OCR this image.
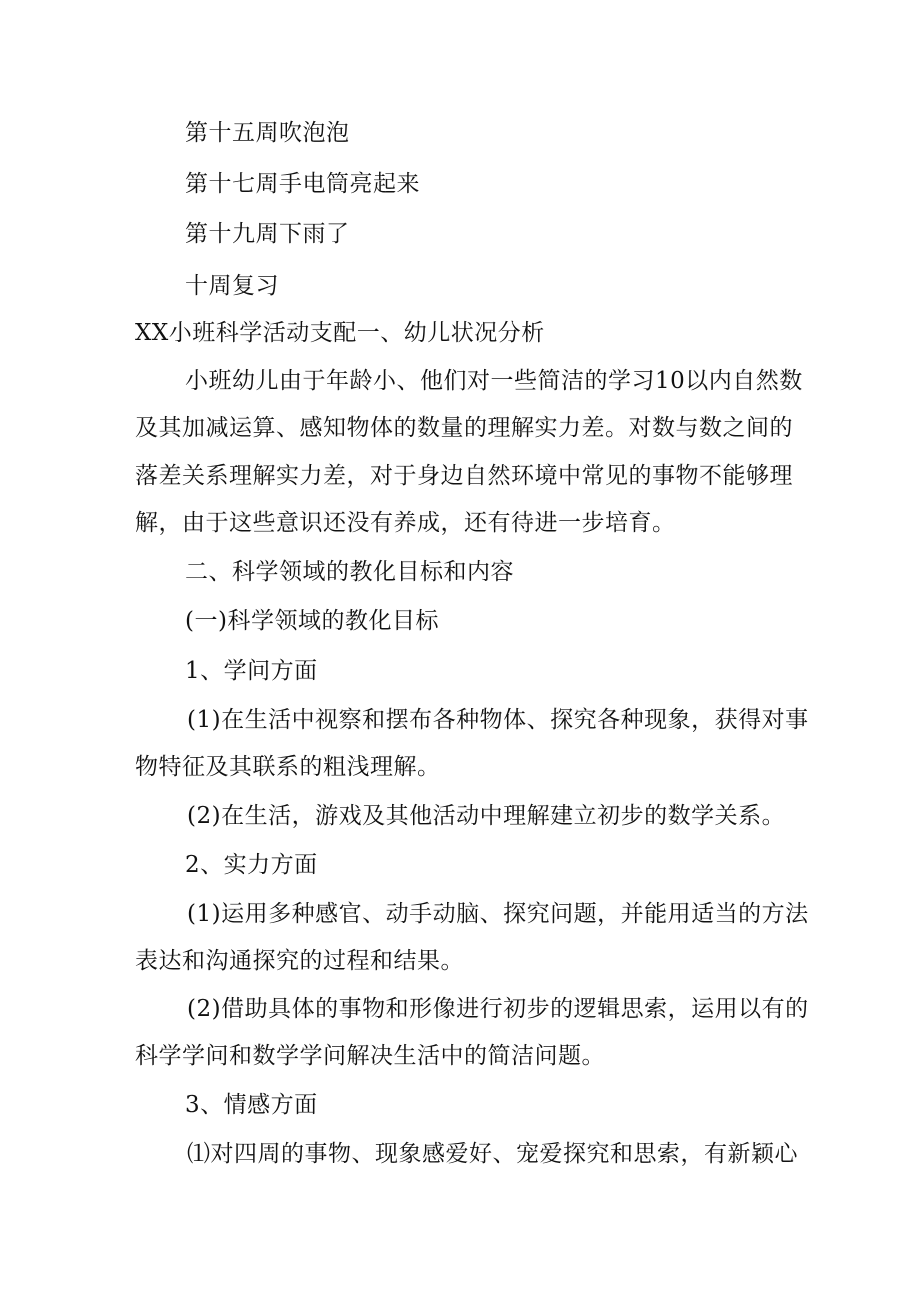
第十五周吹泡泡
第十七周手电筒亮起来
第十九周下雨了
十周复习
XX小班科学活动支配一、幼儿状况分析
小班幼儿由于年龄小、他们对一些简洁的学习10以内自然数
及其加减运算、感知物体的数量的理解实力差。对数与数之间的
落差关系理解实力差，对于身边自然环境中常见的事物不能够理
解，由于这些意识还没有养成，还有待进一步培育。
二、科学领域的教化目标和内容
(一)科学领域的教化目标
1、学问方面
(1)在生活中视察和摆布各种物体、探究各种现象，获得对事
物特征及其联系的粗浅理解。
(2)在生活，游戏及其他活动中理解建立初步的数学关系。
2、实力方面
(1)运用多种感官、动手动脑、探究问题，并能用适当的方法
表达和沟通探究的过程和结果。
(2)借助具体的事物和形像进行初步的逻辑思索，运用以有的
科学学问和数学学问解决生活中的简洁问题。
3、情感方面
⑴对四周的事物、现象感爱好、宠爱探究和思索，有新颖心
